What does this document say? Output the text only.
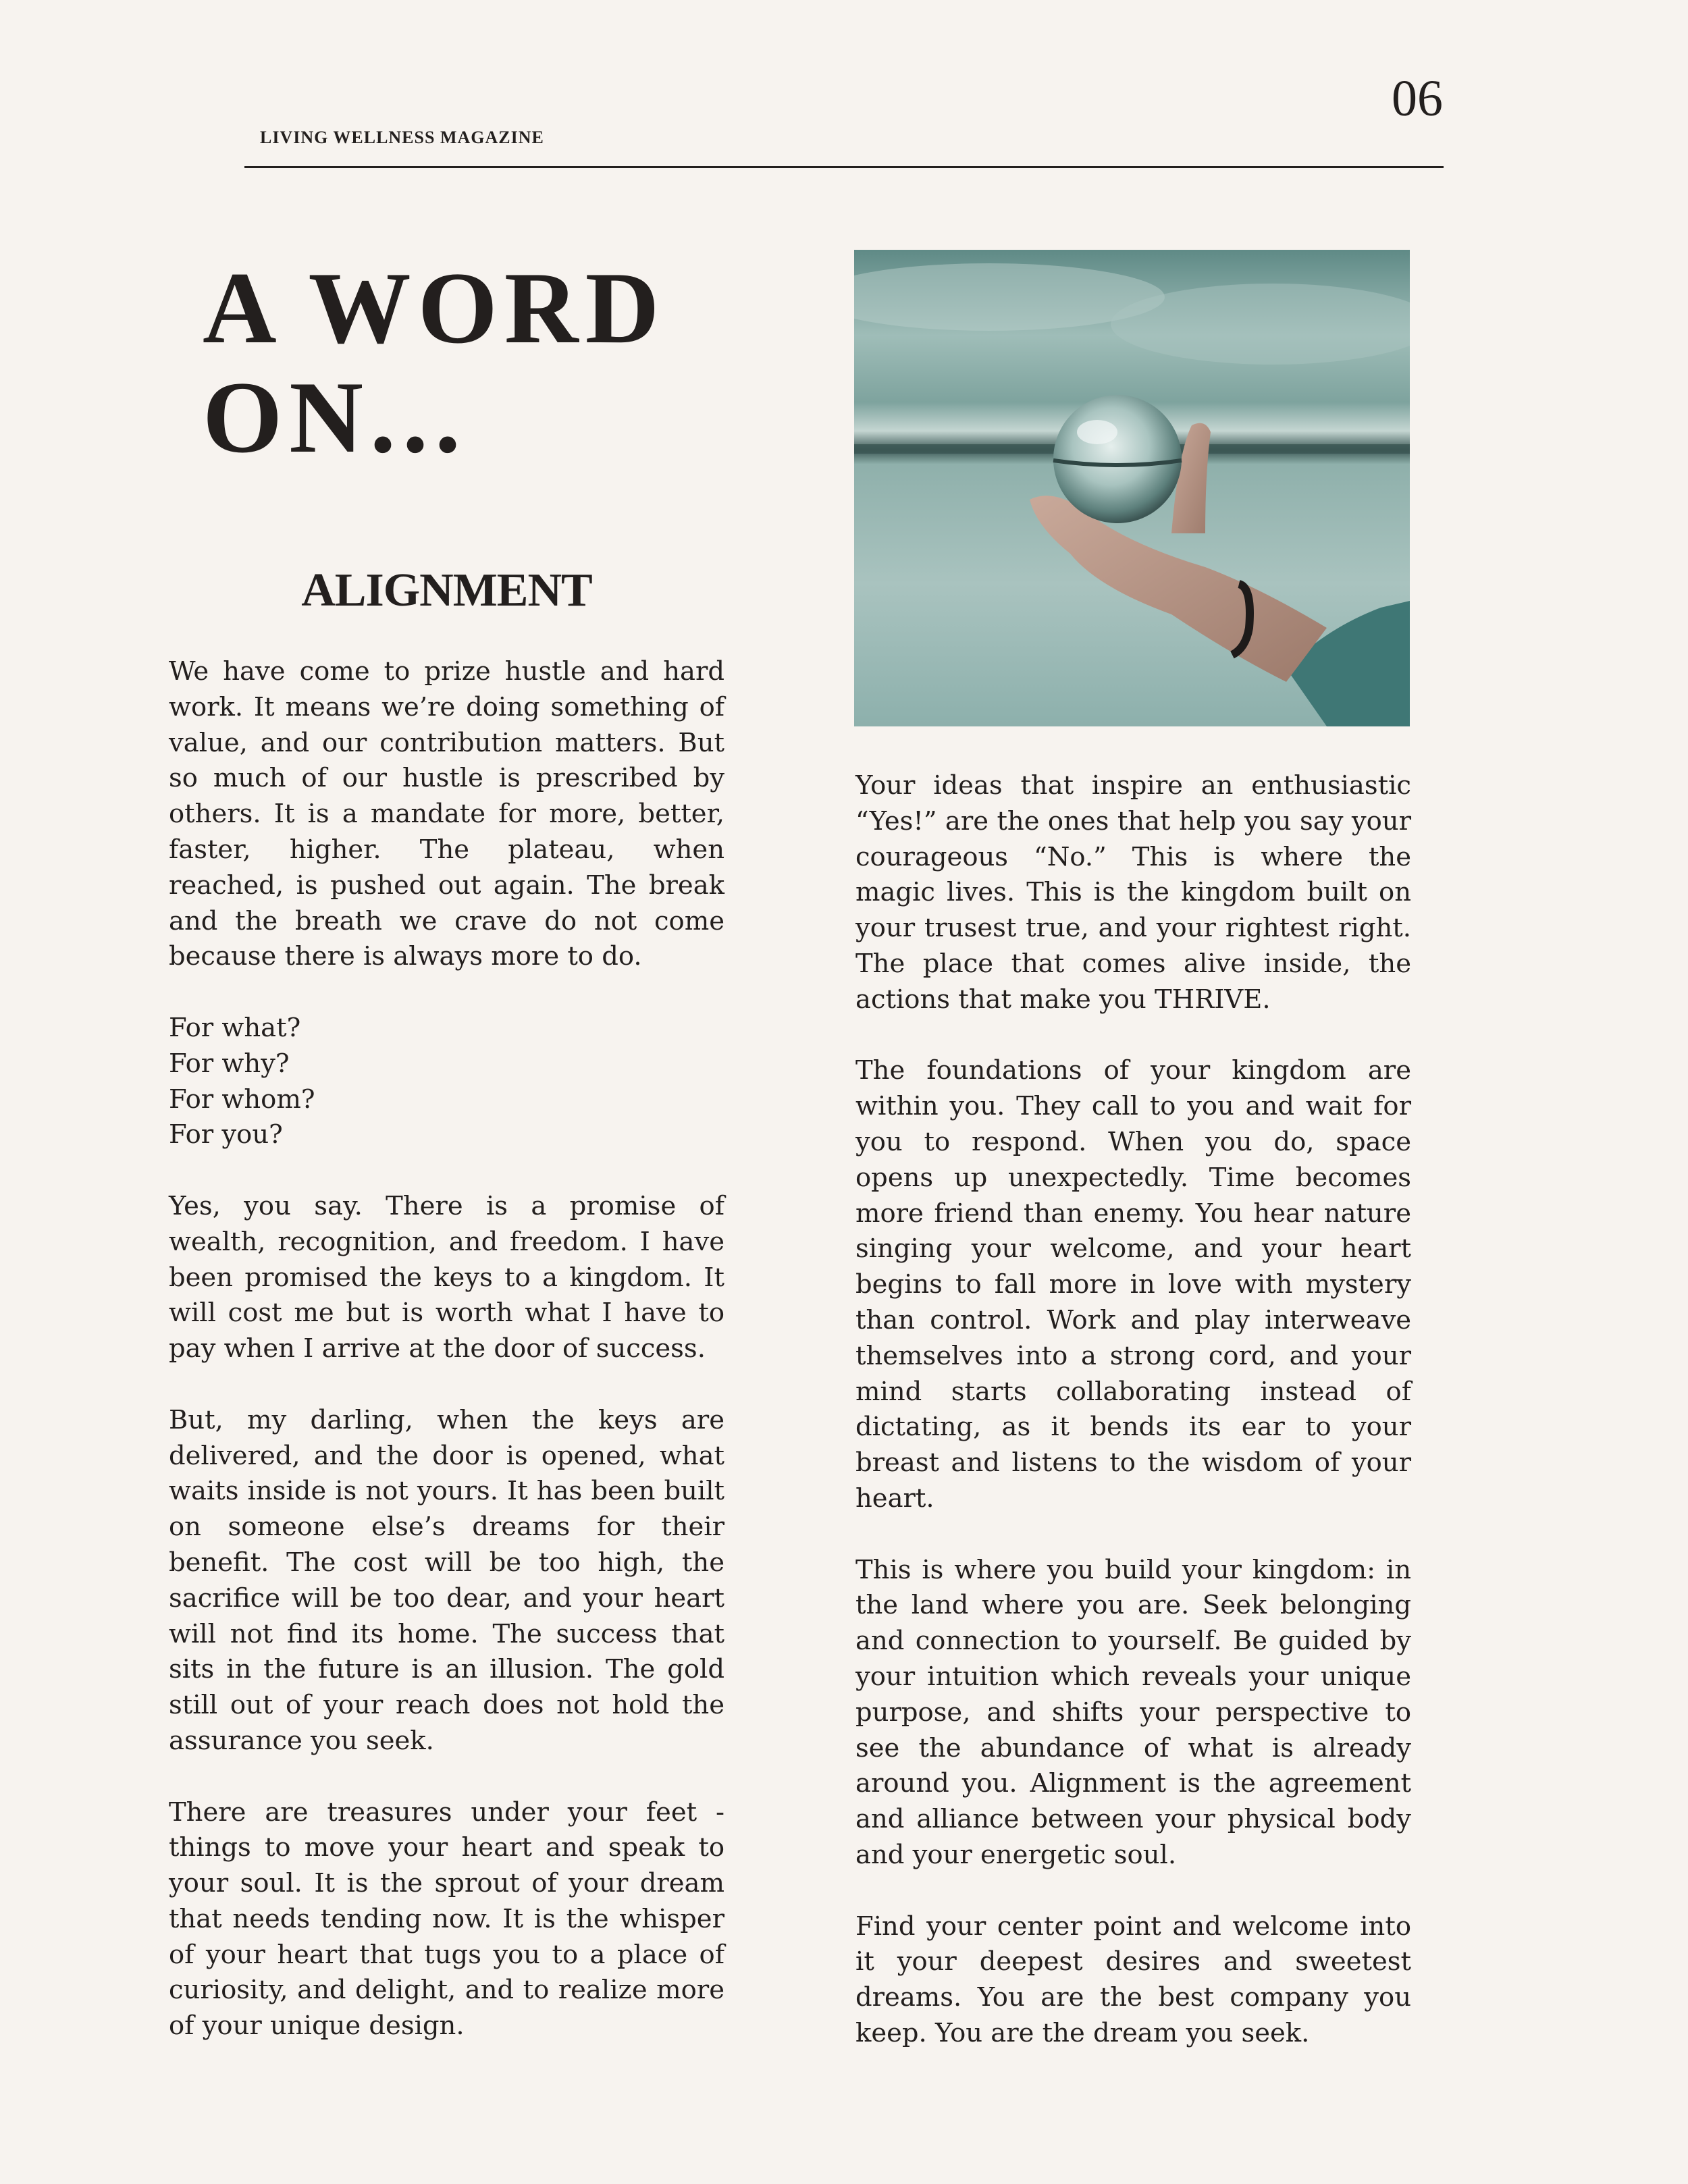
LIVING WELLNESS MAGAZINE
06
A WORD
ON...
ALIGNMENT

We have come to prize hustle and hard work. It means we’re doing something of value, and our contribution matters. But so much of our hustle is prescribed by others. It is a mandate for more, better, faster, higher. The plateau, when reached, is pushed out again. The break and the breath we crave do not come because there is always more to do.

For what?

For why?

For whom?

For you?

Yes, you say. There is a promise of wealth, recognition, and freedom. I have been promised the keys to a kingdom. It will cost me but is worth what I have to pay when I arrive at the door of success.

But, my darling, when the keys are delivered, and the door is opened, what waits inside is not yours. It has been built on someone else’s dreams for their benefit. The cost will be too high, the sacrifice will be too dear, and your heart will not find its home. The success that sits in the future is an illusion. The gold still out of your reach does not hold the assurance you seek.

There are treasures under your feet - things to move your heart and speak to your soul. It is the sprout of your dream that needs tending now. It is the whisper of your heart that tugs you to a place of curiosity, and delight, and to realize more of your unique design.

Your ideas that inspire an enthusiastic “Yes!” are the ones that help you say your courageous “No.” This is where the magic lives. This is the kingdom built on your trusest true, and your rightest right. The place that comes alive inside, the actions that make you THRIVE.

The foundations of your kingdom are within you. They call to you and wait for you to respond. When you do, space opens up unexpectedly. Time becomes more friend than enemy. You hear nature singing your welcome, and your heart begins to fall more in love with mystery than control. Work and play interweave themselves into a strong cord, and your mind starts collaborating instead of dictating, as it bends its ear to your breast and listens to the wisdom of your heart.

This is where you build your kingdom: in the land where you are. Seek belonging and connection to yourself. Be guided by your intuition which reveals your unique purpose, and shifts your perspective to see the abundance of what is already around you. Alignment is the agreement and alliance between your physical body and your energetic soul.

Find your center point and welcome into it your deepest desires and sweetest dreams. You are the best company you keep. You are the dream you seek.
